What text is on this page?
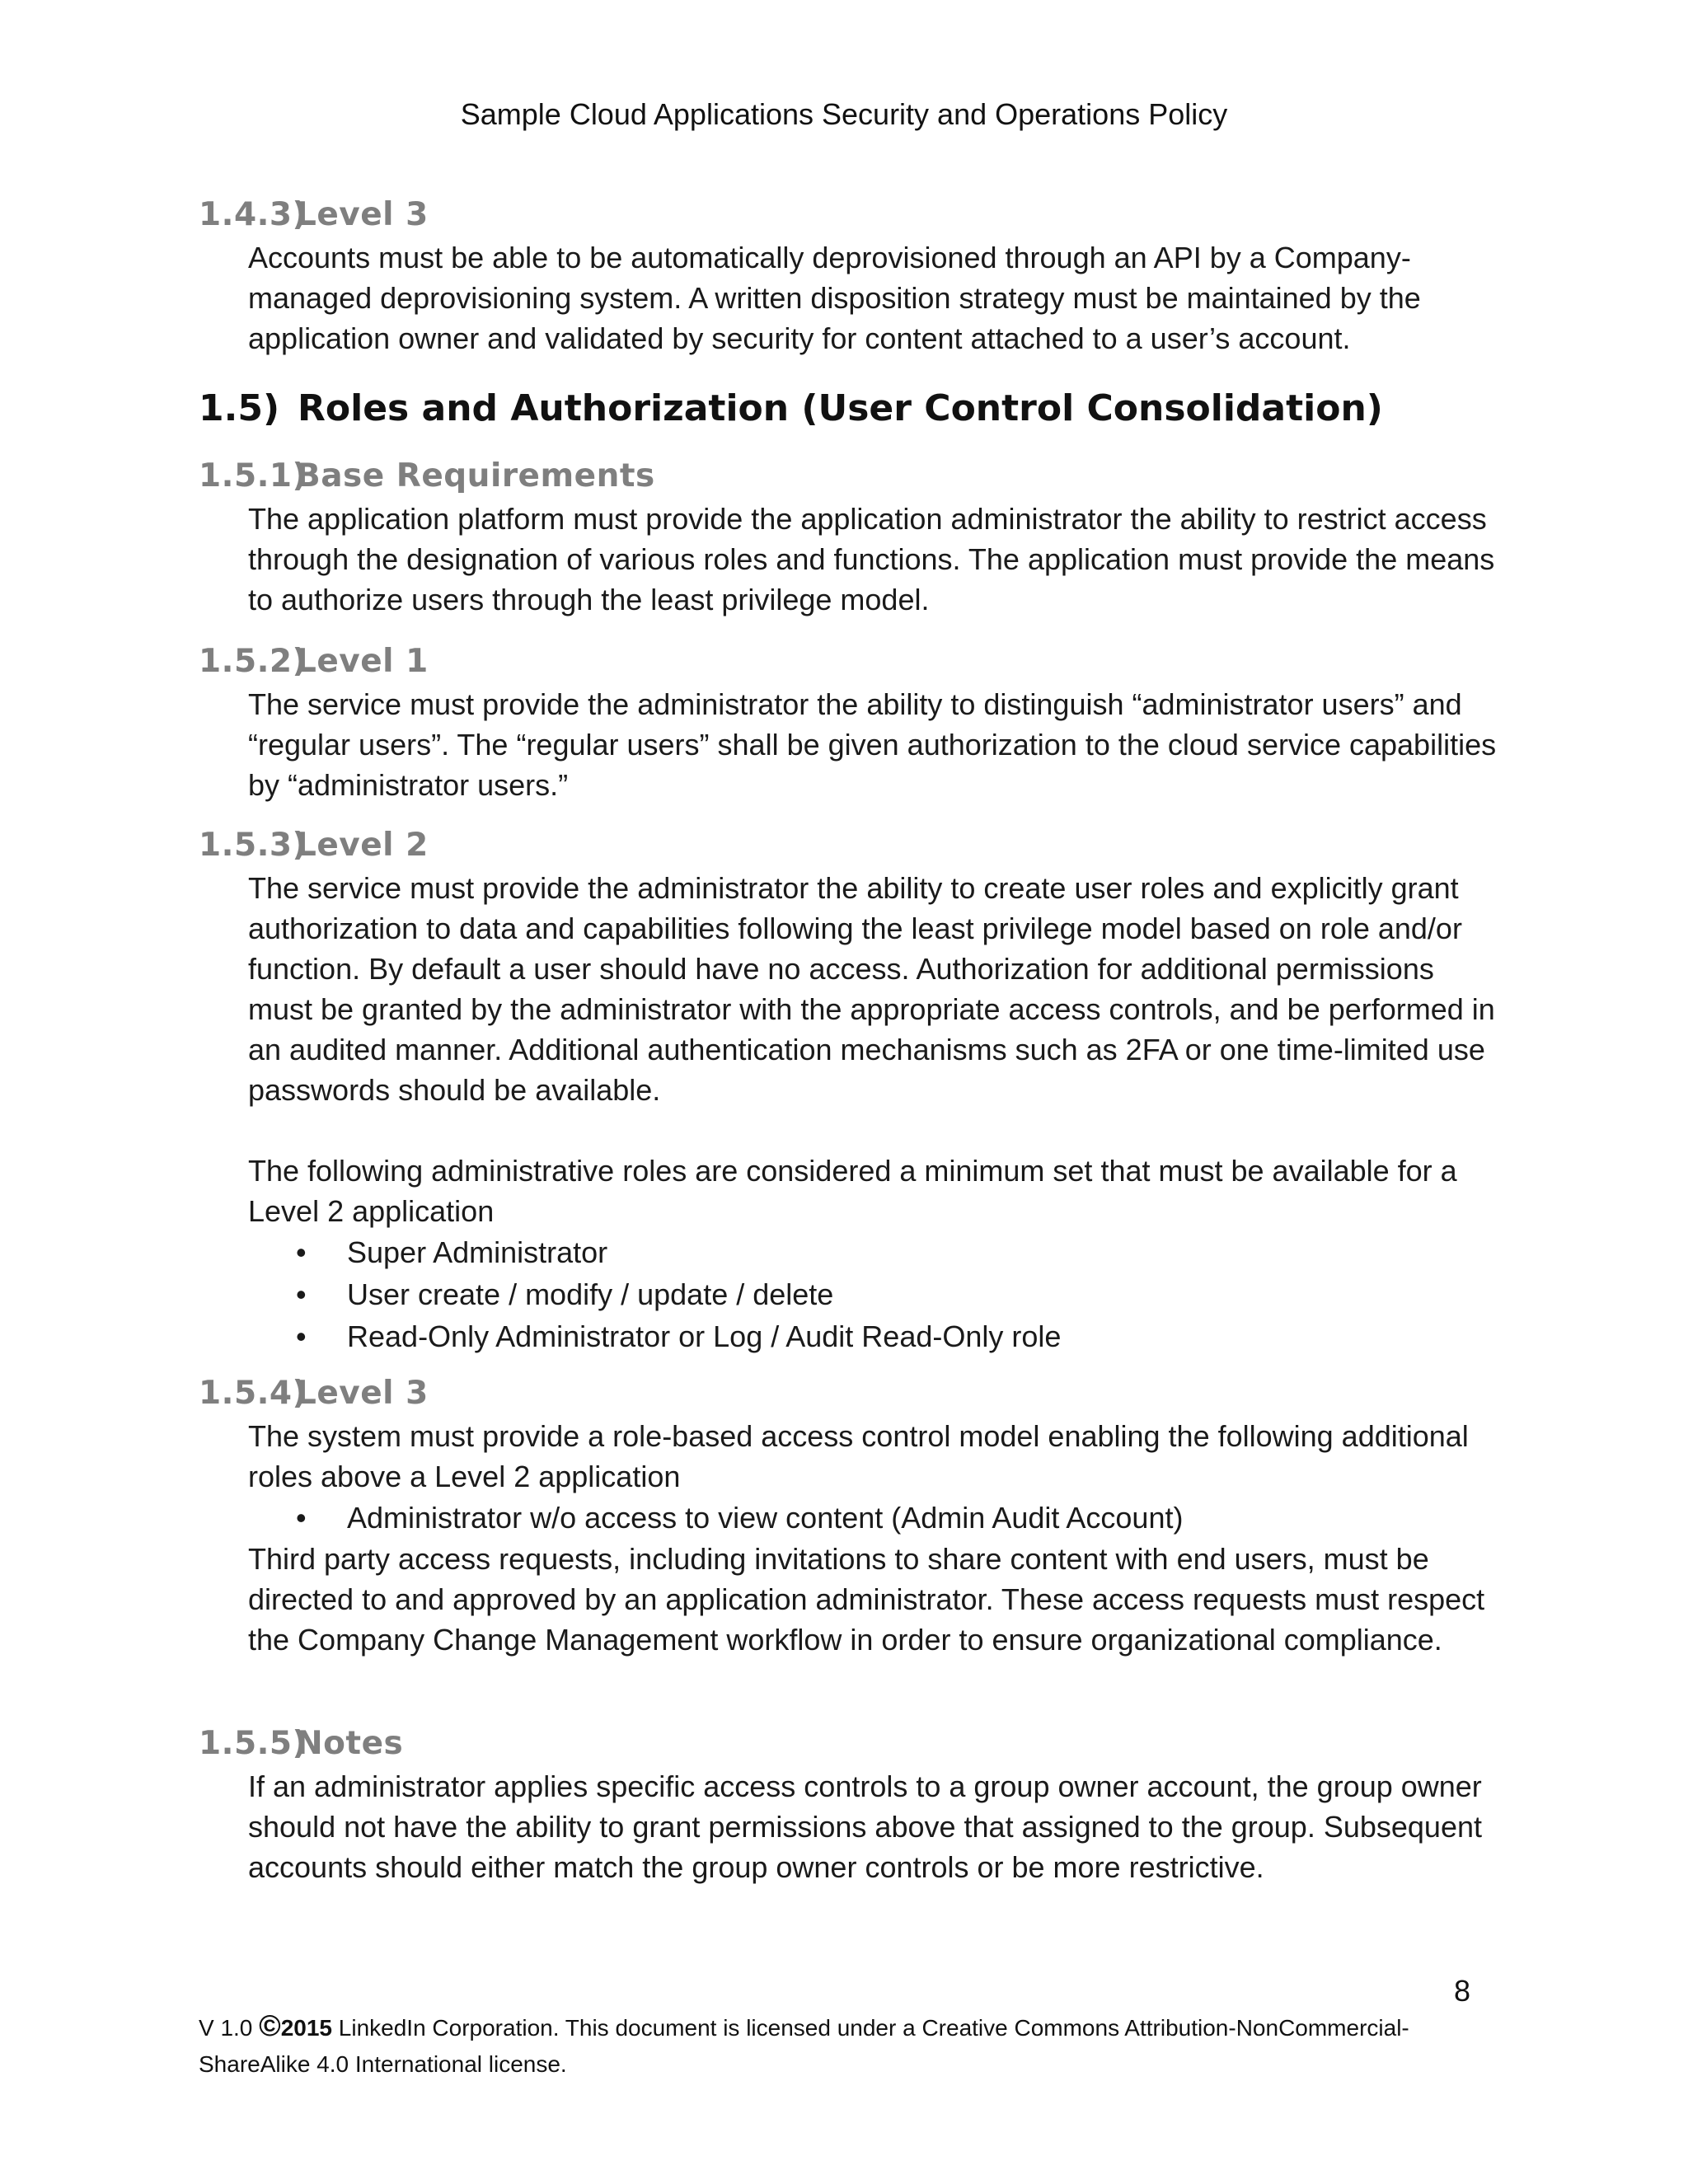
Sample Cloud Applications Security and Operations Policy
1.4.3)Level 3

Accounts must be able to be automatically deprovisioned through an API by a Company-managed deprovisioning system. A written disposition strategy must be maintained by the application owner and validated by security for content attached to a user’s account.

1.5) Roles and Authorization (User Control Consolidation)
1.5.1)Base Requirements

The application platform must provide the application administrator the ability to restrict access through the designation of various roles and functions. The application must provide the means to authorize users through the least privilege model.

1.5.2)Level 1

The service must provide the administrator the ability to distinguish “administrator users” and “regular users”. The “regular users” shall be given authorization to the cloud service capabilities by “administrator users.”

1.5.3)Level 2

The service must provide the administrator the ability to create user roles and explicitly grant authorization to data and capabilities following the least privilege model based on role and/or function. By default a user should have no access. Authorization for additional permissions must be granted by the administrator with the appropriate access controls, and be performed in an audited manner. Additional authentication mechanisms such as 2FA or one time-limited use passwords should be available.

The following administrative roles are considered a minimum set that must be available for a Level 2 application

• Super Administrator
• User create / modify / update / delete
• Read-Only Administrator or Log / Audit Read-Only role
1.5.4)Level 3

The system must provide a role-based access control model enabling the following additional roles above a Level 2 application

• Administrator w/o access to view content (Admin Audit Account)

Third party access requests, including invitations to share content with end users, must be directed to and approved by an application administrator. These access requests must respect the Company Change Management workflow in order to ensure organizational compliance.

1.5.5)Notes

If an administrator applies specific access controls to a group owner account, the group owner should not have the ability to grant permissions above that assigned to the group. Subsequent accounts should either match the group owner controls or be more restrictive.

8
V 1.0 ©2015 LinkedIn Corporation. This document is licensed under a Creative Commons Attribution-NonCommercial-ShareAlike 4.0 International license.
